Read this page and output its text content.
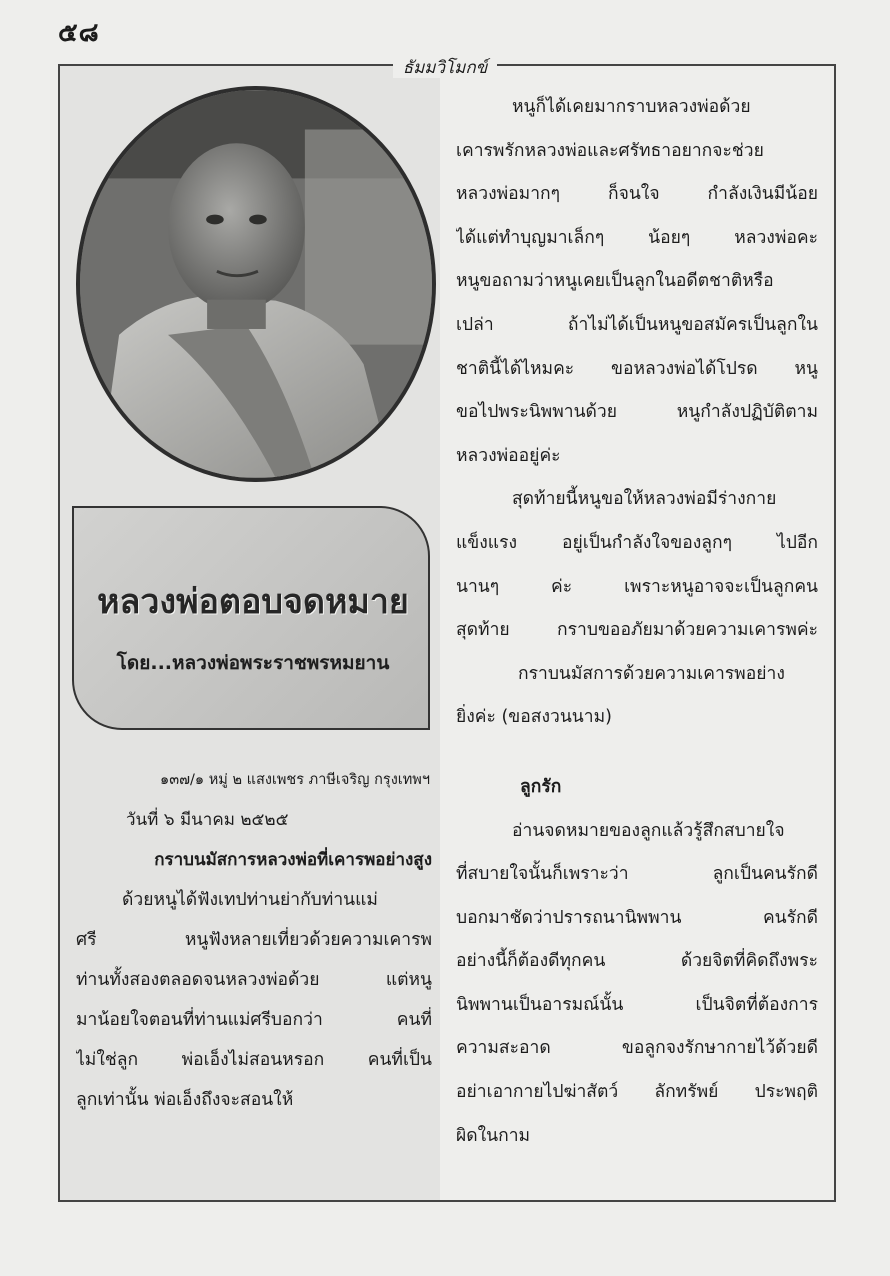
๕๘
ธัมมวิโมกข์
หลวงพ่อตอบจดหมาย
โดย...หลวงพ่อพระราชพรหมยาน
๑๓๗/๑ หมู่ ๒ แสงเพชร ภาษีเจริญ กรุงเทพฯ
วันที่ ๖ มีนาคม ๒๕๒๕
กราบนมัสการหลวงพ่อที่เคารพอย่างสูง
ด้วยหนูได้ฟังเทปท่านย่ากับท่านแม่
ศรี หนูฟังหลายเที่ยวด้วยความเคารพ
ท่านทั้งสองตลอดจนหลวงพ่อด้วย แต่หนู
มาน้อยใจตอนที่ท่านแม่ศรีบอกว่า คนที่
ไม่ใช่ลูก พ่อเอ็งไม่สอนหรอก คนที่เป็น
ลูกเท่านั้น พ่อเอ็งถึงจะสอนให้
หนูก็ได้เคยมากราบหลวงพ่อด้วย
เคารพรักหลวงพ่อและศรัทธาอยากจะช่วย
หลวงพ่อมากๆ ก็จนใจ กำลังเงินมีน้อย
ได้แต่ทำบุญมาเล็กๆ น้อยๆ หลวงพ่อคะ
หนูขอถามว่าหนูเคยเป็นลูกในอดีตชาติหรือ
เปล่า ถ้าไม่ได้เป็นหนูขอสมัครเป็นลูกใน
ชาตินี้ได้ไหมคะ ขอหลวงพ่อได้โปรด หนู
ขอไปพระนิพพานด้วย หนูกำลังปฏิบัติตาม
หลวงพ่ออยู่ค่ะ
สุดท้ายนี้หนูขอให้หลวงพ่อมีร่างกาย
แข็งแรง อยู่เป็นกำลังใจของลูกๆ ไปอีก
นานๆ ค่ะ เพราะหนูอาจจะเป็นลูกคน
สุดท้าย กราบขออภัยมาด้วยความเคารพค่ะ
กราบนมัสการด้วยความเคารพอย่าง
ยิ่งค่ะ (ขอสงวนนาม)
ลูกรัก
อ่านจดหมายของลูกแล้วรู้สึกสบายใจ
ที่สบายใจนั้นก็เพราะว่า ลูกเป็นคนรักดี
บอกมาชัดว่าปรารถนานิพพาน คนรักดี
อย่างนี้ก็ต้องดีทุกคน ด้วยจิตที่คิดถึงพระ
นิพพานเป็นอารมณ์นั้น เป็นจิตที่ต้องการ
ความสะอาด ขอลูกจงรักษากายไว้ด้วยดี
อย่าเอากายไปฆ่าสัตว์ ลักทรัพย์ ประพฤติ
ผิดในกาม
